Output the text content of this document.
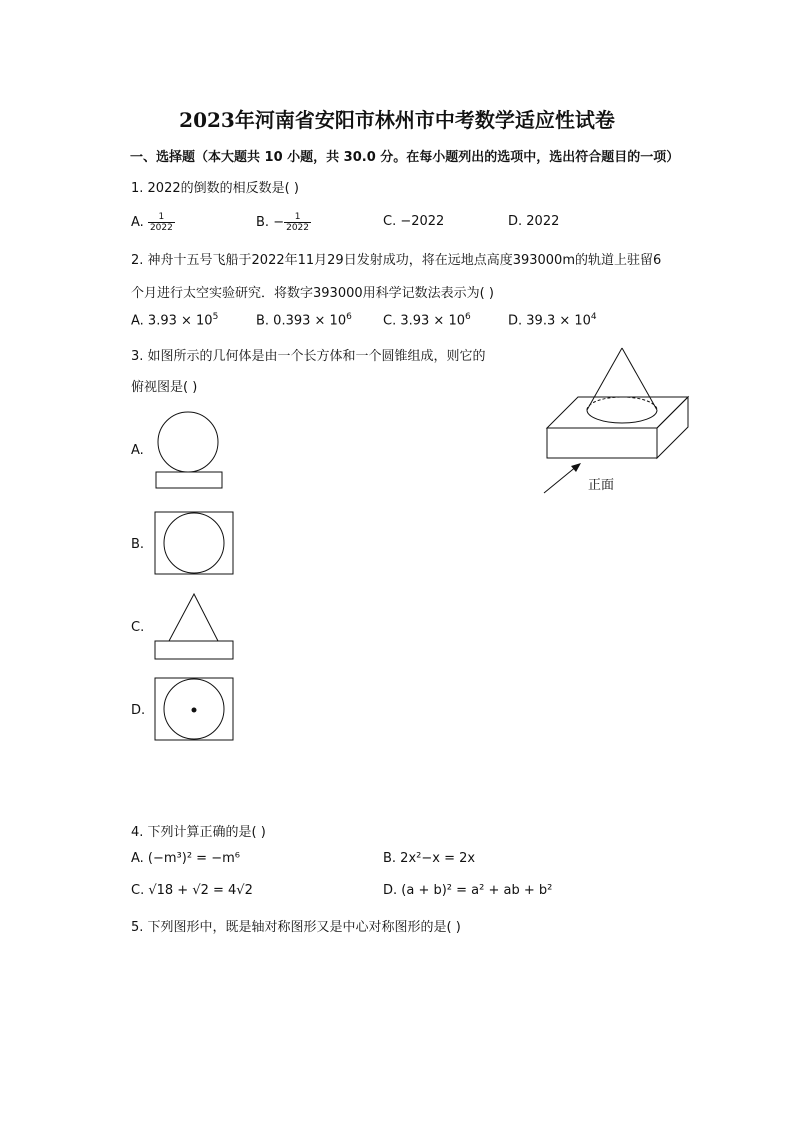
2023年河南省安阳市林州市中考数学适应性试卷
一、选择题（本大题共 10 小题，共 30.0 分。在每小题列出的选项中，选出符合题目的一项）
1. 2022的倒数的相反数是( )
A. $\frac{1}{2022}$	B. − $\frac{1}{2022}$	C. −2022	D. 2022
2. 神舟十五号飞船于2022年11月29日发射成功，将在远地点高度393000m的轨道上驻留6
个月进行太空实验研究．将数字393000用科学记数法表示为( )
A. $3.93 \times 10^5$	B. $0.393 \times 10^6$ C. $3.93 \times 10^6$	D. $39.3 \times 10^4$
3. 如图所示的几何体是由一个长方体和一个圆锥组成，则它的
俯视图是( )
正面
A.
B.
C.
D.
4. 下列计算正确的是( )
A. (−m³)² = −m⁶	B. 2x²−x = 2x
C. √18 + √2 = 4√2	D. (a + b)² = a² + ab + b²
5. 下列图形中，既是轴对称图形又是中心对称图形的是( )
